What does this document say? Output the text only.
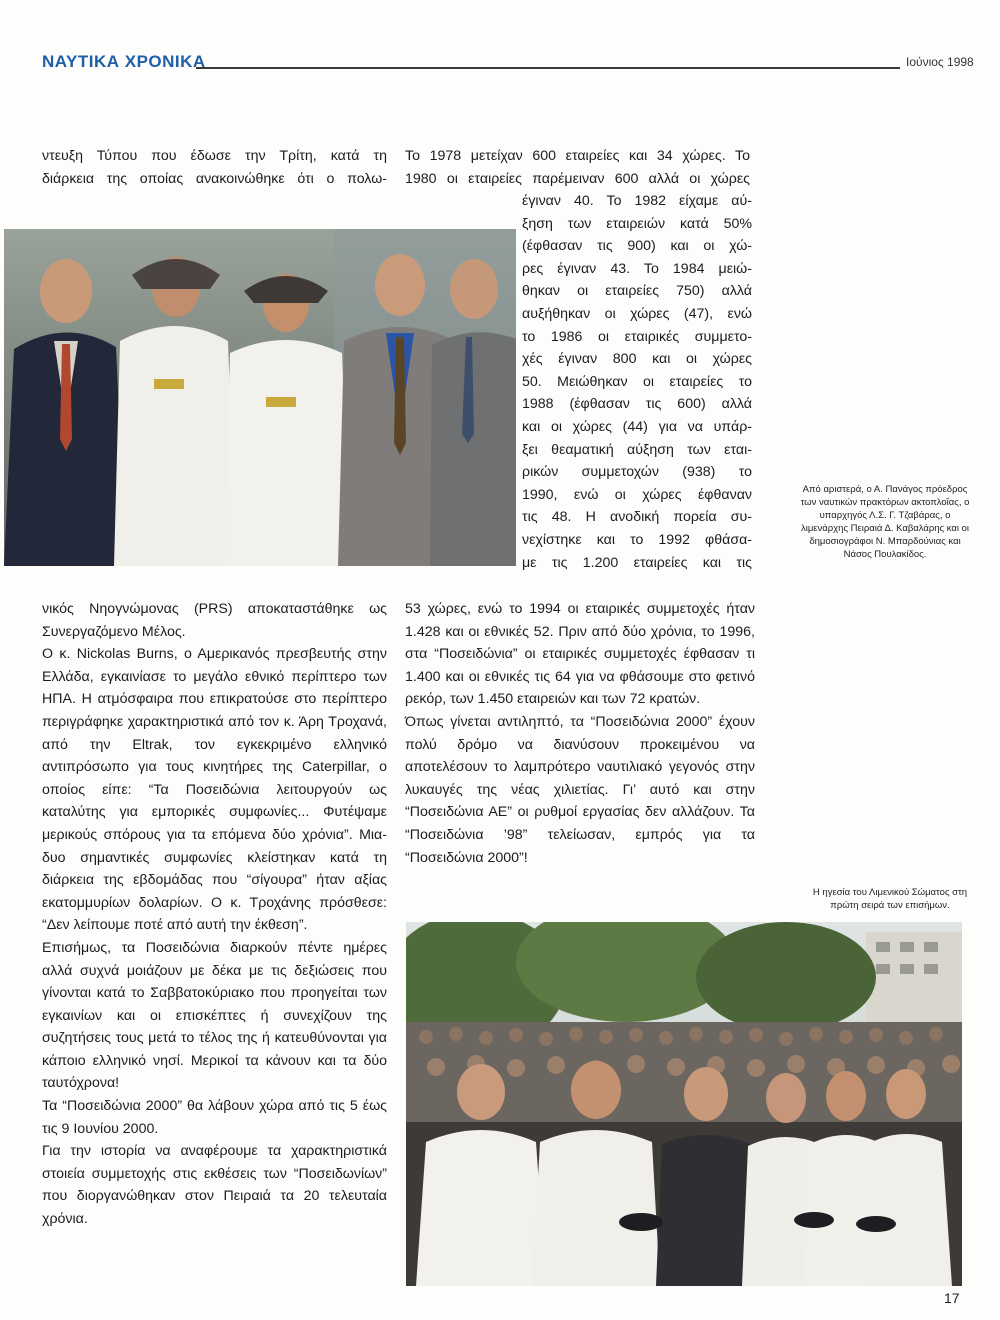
ΝΑΥΤΙΚΑ ΧΡΟΝΙΚΑ	Ιούνιος 1998

ντευξη Τύπου που έδωσε την Τρίτη, κατά τη

διάρκεια της οποίας ανακοινώθηκε ότι ο πολω-

Το 1978 μετείχαν 600 εταιρείες και 34 χώρες. Το

1980 οι εταιρείες παρέμειναν 600 αλλά οι χώρες

έγιναν 40. Το 1982 είχαμε αύ-

ξηση των εταιρειών κατά 50%

(έφθασαν τις 900) και οι χώ-

ρες έγιναν 43. Το 1984 μειώ-

θηκαν οι εταιρείες 750) αλλά

αυξήθηκαν οι χώρες (47), ενώ

το 1986 οι εταιρικές συμμετο-

χές έγιναν 800 και οι χώρες

50. Μειώθηκαν οι εταιρείες το

1988 (έφθασαν τις 600) αλλά

και οι χώρες (44) για να υπάρ-

ξει θεαματική αύξηση των εται-

ρικών συμμετοχών (938) το

1990, ενώ οι χώρες έφθαναν

τις 48. Η ανοδική πορεία συ-

νεχίστηκε και το 1992 φθάσα-

με τις 1.200 εταιρείες και τις

Από αριστερά, ο Α. Πανάγος πρόεδρος των ναυτικών πρακτόρων ακτοπλοΐας, ο υπαρχηγός Λ.Σ. Γ. Τζαβάρας, ο λιμενάρχης Πειραιά Δ. Καβαλάρης και οι δημοσιογράφοι Ν. Μπαρδούνιας και Νάσος Πουλακίδος.

νικός Νηογνώμονας (PRS) αποκαταστάθηκε ως Συνεργαζόμενο Μέλος.

Ο κ. Nickolas Burns, ο Αμερικανός πρεσβευτής στην Ελλάδα, εγκαινίασε το μεγάλο εθνικό περίπτερο των ΗΠΑ. Η ατμόσφαιρα που επικρατούσε στο περίπτερο περιγράφηκε χαρακτηριστικά από τον κ. Άρη Τροχανά, από την Eltrak, τον εγκεκριμένο ελληνικό αντιπρόσωπο για τους κινητήρες της Caterpillar, ο οποίος είπε: “Τα Ποσειδώνια λειτουργούν ως καταλύτης για εμπορικές συμφωνίες... Φυτέψαμε μερικούς σπόρους για τα επόμενα δύο χρόνια”. Μια-δυο σημαντικές συμφωνίες κλείστηκαν κατά τη διάρκεια της εβδομάδας που “σίγουρα” ήταν αξίας εκατομμυρίων δολαρίων. Ο κ. Τροχάνης πρόσθεσε: “Δεν λείπουμε ποτέ από αυτή την έκθεση”.

Επισήμως, τα Ποσειδώνια διαρκούν πέντε ημέρες αλλά συχνά μοιάζουν με δέκα με τις δεξιώσεις που γίνονται κατά το Σαββατοκύριακο που προηγείται των εγκαινίων και οι επισκέπτες ή συνεχίζουν της συζητήσεις τους μετά το τέλος της ή κατευθύνονται για κάποιο ελληνικό νησί. Μερικοί τα κάνουν και τα δύο ταυτόχρονα!

Τα “Ποσειδώνια 2000” θα λάβουν χώρα από τις 5 έως τις 9 Ιουνίου 2000.

Για την ιστορία να αναφέρουμε τα χαρακτηριστικά στοιεία συμμετοχής στις εκθέσεις των “Ποσειδωνίων” που διοργανώθηκαν στον Πειραιά τα 20 τελευταία χρόνια.

53 χώρες, ενώ το 1994 οι εταιρικές συμμετοχές ήταν 1.428 και οι εθνικές 52. Πριν από δύο χρόνια, το 1996, στα “Ποσειδώνια” οι εταιρικές συμμετοχές έφθασαν τι 1.400 και οι εθνικές τις 64 για να φθάσουμε στο φετινό ρεκόρ, των 1.450 εταιρειών και των 72 κρατών.

Όπως γίνεται αντιληπτό, τα “Ποσειδώνια 2000” έχουν πολύ δρόμο να διανύσουν προκειμένου να αποτελέσουν το λαμπρότερο ναυτιλιακό γεγονός στην λυκαυγές της νέας χιλιετίας. Γι’ αυτό και στην “Ποσειδώνια ΑΕ” οι ρυθμοί εργασίας δεν αλλάζουν. Τα “Ποσειδώνια ’98” τελείωσαν, εμπρός για τα “Ποσειδώνια 2000”!

Η ηγεσία του Λιμενικού Σώματος στη πρώτη σειρά των επισήμων.
17
